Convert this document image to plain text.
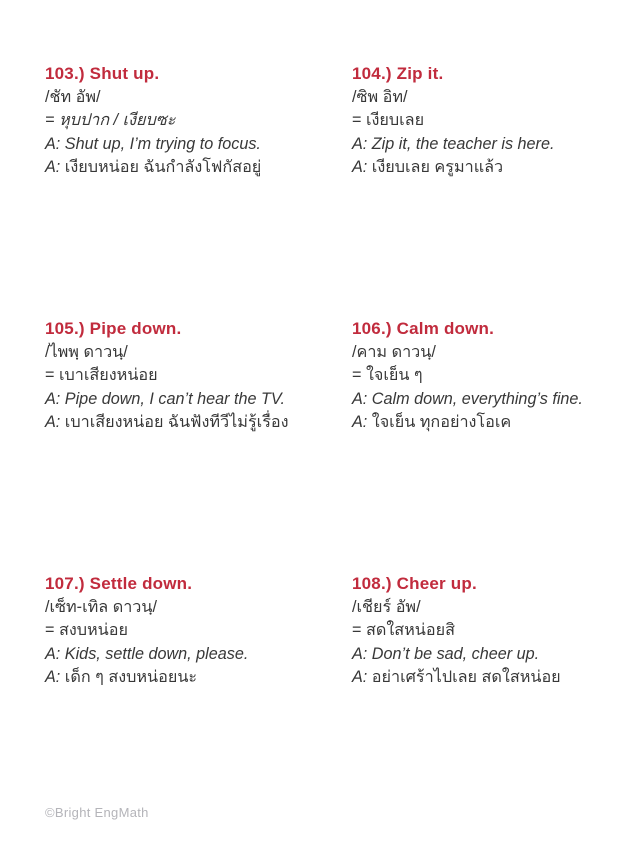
103.) Shut up.
/ชัท อัพ/
= หุบปาก / เงียบซะ
A: Shut up, I’m trying to focus.
A: เงียบหน่อย ฉันกำลังโฟกัสอยู่
104.) Zip it.
/ซิพ อิท/
= เงียบเลย
A: Zip it, the teacher is here.
A: เงียบเลย ครูมาแล้ว
105.) Pipe down.
/ไพพฺ ดาวนฺ/
= เบาเสียงหน่อย
A: Pipe down, I can’t hear the TV.
A: เบาเสียงหน่อย ฉันฟังทีวีไม่รู้เรื่อง
106.) Calm down.
/คาม ดาวนฺ/
= ใจเย็น ๆ
A: Calm down, everything’s fine.
A: ใจเย็น ทุกอย่างโอเค
107.) Settle down.
/เซ็ท-เทิล ดาวนฺ/
= สงบหน่อย
A: Kids, settle down, please.
A: เด็ก ๆ สงบหน่อยนะ
108.) Cheer up.
/เชียร์ อัพ/
= สดใสหน่อยสิ
A: Don’t be sad, cheer up.
A: อย่าเศร้าไปเลย สดใสหน่อย
©Bright EngMath
